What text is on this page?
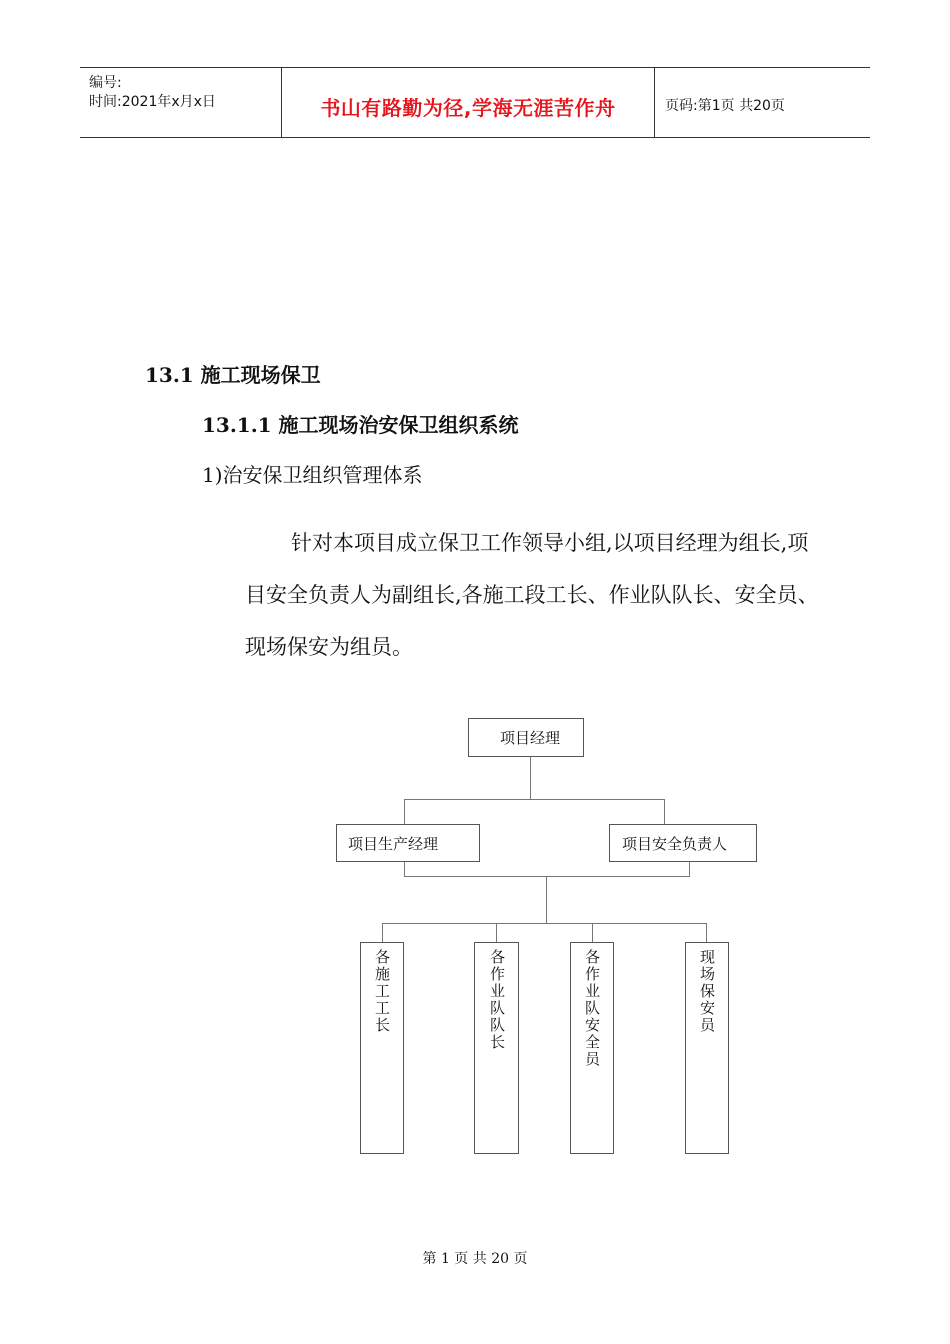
编号:
时间:2021年x月x日	书山有路勤为径,学海无涯苦作舟	页码:第1页 共20页
13.1 施工现场保卫
13.1.1 施工现场治安保卫组织系统
1)治安保卫组织管理体系
针对本项目成立保卫工作领导小组,以项目经理为组长,项目安全负责人为副组长,各施工段工长、作业队队长、安全员、现场保安为组员。
项目经理
项目生产经理	项目安全负责人
各施工工长	各作业队队长	各作业队安全员	现场保安员
第 1 页 共 20 页
